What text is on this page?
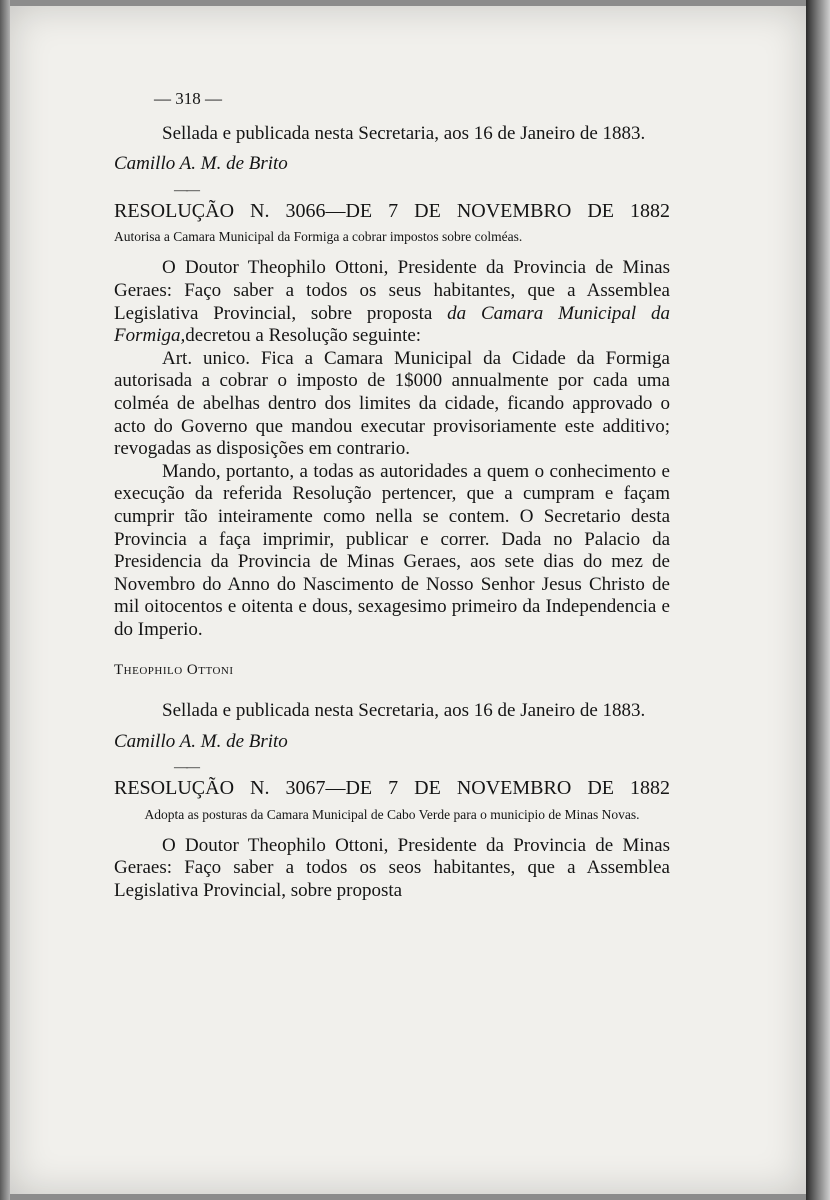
— 318 —

Sellada e publicada nesta Secretaria, aos 16 de Janeiro de 1883.

Camillo A. M. de Brito

——

RESOLUÇÃO N. 3066—DE 7 DE NOVEMBRO DE 1882

Autorisa a Camara Municipal da Formiga a cobrar impostos sobre colméas.

O Doutor Theophilo Ottoni, Presidente da Provincia de Minas Geraes: Faço saber a todos os seus habitantes, que a Assemblea Legislativa Provincial, sobre proposta da Camara Municipal da Formiga,decretou a Resolução seguinte:

Art. unico. Fica a Camara Municipal da Cidade da Formiga autorisada a cobrar o imposto de 1$000 annualmente por cada uma colméa de abelhas dentro dos limites da cidade, ficando approvado o acto do Governo que mandou executar provisoriamente este additivo; revogadas as disposições em contrario.

Mando, portanto, a todas as autoridades a quem o conhecimento e execução da referida Resolução pertencer, que a cumpram e façam cumprir tão inteiramente como nella se contem. O Secretario desta Provincia a faça imprimir, publicar e correr. Dada no Palacio da Presidencia da Provincia de Minas Geraes, aos sete dias do mez de Novembro do Anno do Nascimento de Nosso Senhor Jesus Christo de mil oitocentos e oitenta e dous, sexagesimo primeiro da Independencia e do Imperio.

Theophilo Ottoni

Sellada e publicada nesta Secretaria, aos 16 de Janeiro de 1883.

Camillo A. M. de Brito

——

RESOLUÇÃO N. 3067—DE 7 DE NOVEMBRO DE 1882

Adopta as posturas da Camara Municipal de Cabo Verde para o municipio de Minas Novas.

O Doutor Theophilo Ottoni, Presidente da Provincia de Minas Geraes: Faço saber a todos os seos habitantes, que a Assemblea Legislativa Provincial, sobre proposta
